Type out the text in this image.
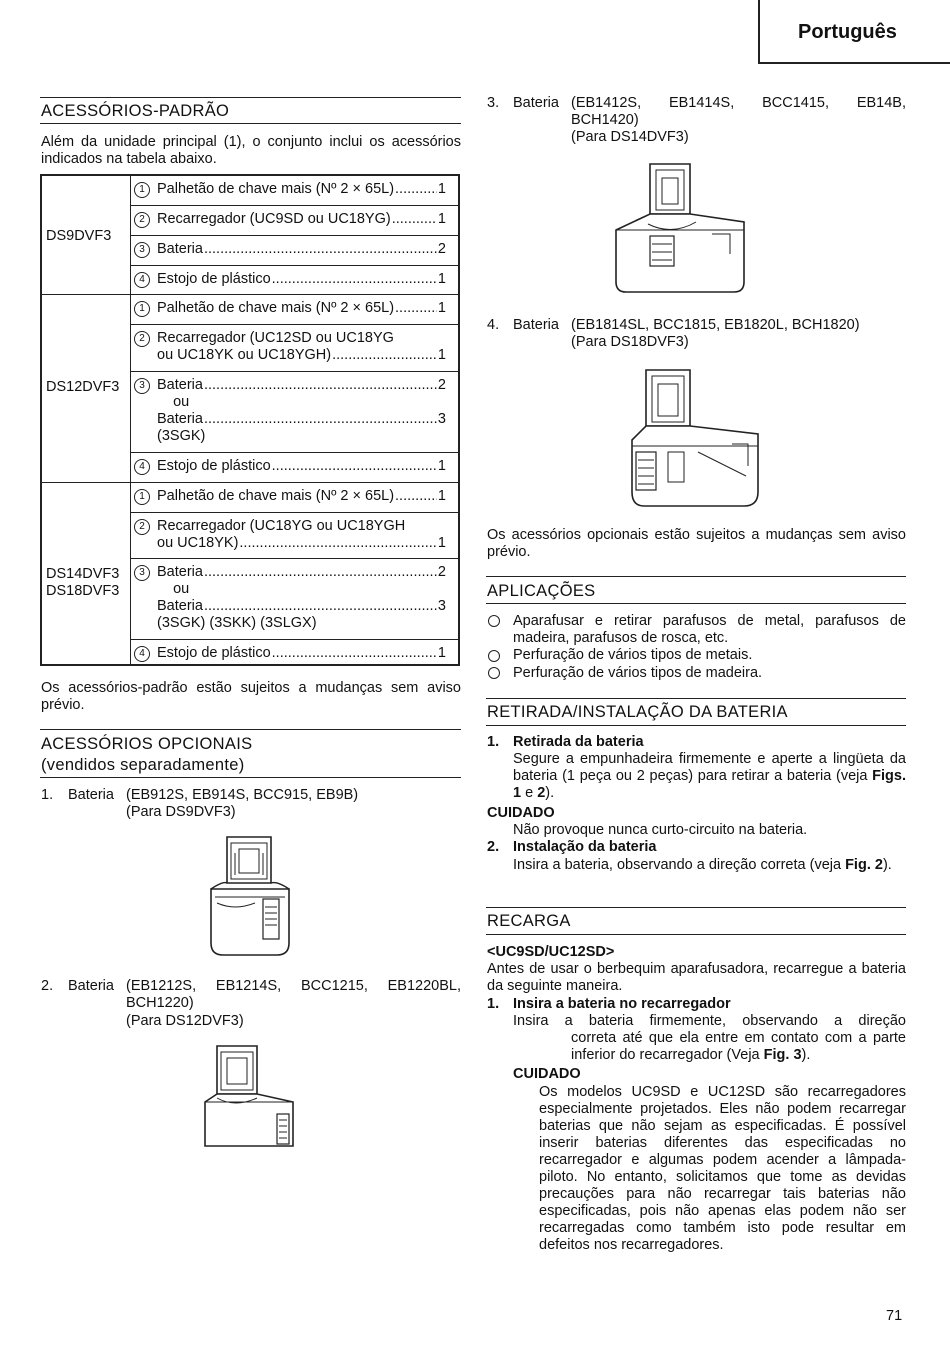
Português
ACESSÓRIOS-PADRÃO
Além da unidade principal (1), o conjunto inclui os acessórios indicados na tabela abaixo.
DS9DVF3
1 Palhetão de chave mais (Nº 2 × 65L) .....	1
2 Recarregador (UC9SD ou UC18YG) .....	1
3 Bateria .....	2
4 Estojo de plástico .....	1
DS12DVF3
1 Palhetão de chave mais (Nº 2 × 65L) .....	1
2 Recarregador (UC12SD ou UC18YG
ou UC18YK ou UC18YGH) .....	1
3 Bateria .....	2
ou
Bateria .....	3
(3SGK)
4 Estojo de plástico .....	1
DS14DVF3
DS18DVF3
1 Palhetão de chave mais (Nº 2 × 65L) .....	1
2 Recarregador (UC18YG ou UC18YGH
ou UC18YK) .....	1
3 Bateria .....	2
ou
Bateria .....	3
(3SGK) (3SKK) (3SLGX)
4 Estojo de plástico .....	1
Os acessórios-padrão estão sujeitos a mudanças sem aviso prévio.
ACESSÓRIOS OPCIONAIS
(vendidos separadamente)
1. Bateria (EB912S, EB914S, BCC915, EB9B)
(Para DS9DVF3)
2. Bateria (EB1212S, EB1214S, BCC1215, EB1220BL,
BCH1220)
(Para DS12DVF3)
3. Bateria (EB1412S, EB1414S, BCC1415, EB14B,
BCH1420)
(Para DS14DVF3)
4. Bateria (EB1814SL, BCC1815, EB1820L, BCH1820)
(Para DS18DVF3)
Os acessórios opcionais estão sujeitos a mudanças sem aviso prévio.
APLICAÇÕES
Aparafusar e retirar parafusos de metal, parafusos de madeira, parafusos de rosca, etc.
Perfuração de vários tipos de metais.
Perfuração de vários tipos de madeira.
RETIRADA/INSTALAÇÃO DA BATERIA
1. Retirada da bateria
Segure a empunhadeira firmemente e aperte a lingüeta da bateria (1 peça ou 2 peças) para retirar a bateria (veja Figs. 1 e 2).
CUIDADO
Não provoque nunca curto-circuito na bateria.
2. Instalação da bateria
Insira a bateria, observando a direção correta (veja Fig. 2).
RECARGA
<UC9SD/UC12SD>
Antes de usar o berbequim aparafusadora, recarregue a bateria da seguinte maneira.
1. Insira a bateria no recarregador
Insira a bateria firmemente, observando a direção
correta até que ela entre em contato com a parte
inferior do recarregador (Veja Fig. 3).
CUIDADO
Os modelos UC9SD e UC12SD são recarregadores especialmente projetados. Eles não podem recarregar baterias que não sejam as especificadas. É possível inserir baterias diferentes das especificadas no recarregador e algumas podem acender a lâmpada-piloto. No entanto, solicitamos que tome as devidas precauções para não recarregar tais baterias não especificadas, pois não apenas elas podem não ser recarregadas como também isto pode resultar em defeitos nos recarregadores.
71
